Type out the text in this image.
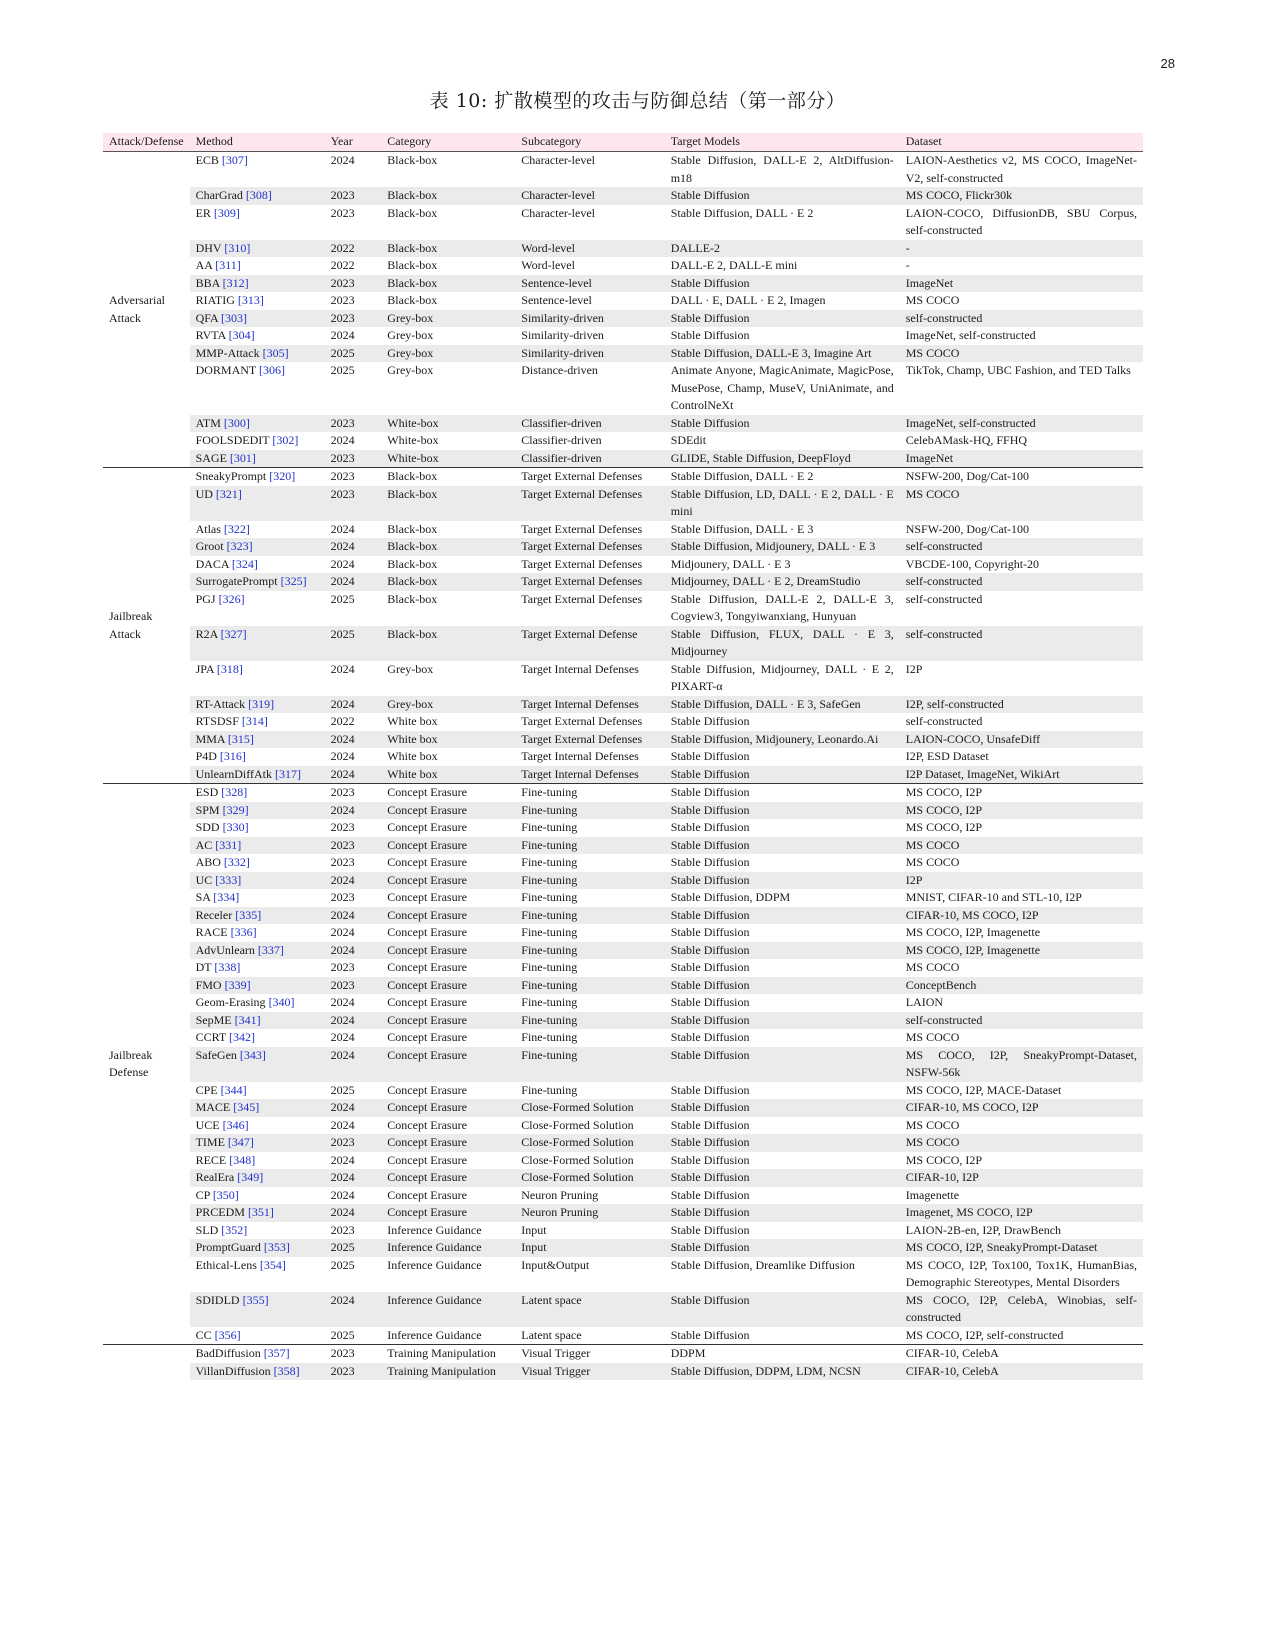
28
表 10: 扩散模型的攻击与防御总结（第一部分）
Attack/Defense	Method	Year	Category	Subcategory	Target Models	Dataset
Adversarial Attack	ECB [307]	2024	Black-box	Character-level	Stable Diffusion, DALL-E 2, AltDiffusion-m18	LAION-Aesthetics v2, MS COCO, ImageNet-V2, self-constructed
	CharGrad [308]	2023	Black-box	Character-level	Stable Diffusion	MS COCO, Flickr30k
	ER [309]	2023	Black-box	Character-level	Stable Diffusion, DALL · E 2	LAION-COCO, DiffusionDB, SBU Corpus, self-constructed
	DHV [310]	2022	Black-box	Word-level	DALLE-2	-
	AA [311]	2022	Black-box	Word-level	DALL-E 2, DALL-E mini	-
	BBA [312]	2023	Black-box	Sentence-level	Stable Diffusion	ImageNet
	RIATIG [313]	2023	Black-box	Sentence-level	DALL · E, DALL · E 2, Imagen	MS COCO
	QFA [303]	2023	Grey-box	Similarity-driven	Stable Diffusion	self-constructed
	RVTA [304]	2024	Grey-box	Similarity-driven	Stable Diffusion	ImageNet, self-constructed
	MMP-Attack [305]	2025	Grey-box	Similarity-driven	Stable Diffusion, DALL-E 3, Imagine Art	MS COCO
	DORMANT [306]	2025	Grey-box	Distance-driven	Animate Anyone, MagicAnimate, MagicPose, MusePose, Champ, MuseV, UniAnimate, and ControlNeXt	TikTok, Champ, UBC Fashion, and TED Talks
	ATM [300]	2023	White-box	Classifier-driven	Stable Diffusion	ImageNet, self-constructed
	FOOLSDEDIT [302]	2024	White-box	Classifier-driven	SDEdit	CelebAMask-HQ, FFHQ
	SAGE [301]	2023	White-box	Classifier-driven	GLIDE, Stable Diffusion, DeepFloyd	ImageNet
Jailbreak Attack	SneakyPrompt [320]	2023	Black-box	Target External Defenses	Stable Diffusion, DALL · E 2	NSFW-200, Dog/Cat-100
	UD [321]	2023	Black-box	Target External Defenses	Stable Diffusion, LD, DALL · E 2, DALL · E mini	MS COCO
	Atlas [322]	2024	Black-box	Target External Defenses	Stable Diffusion, DALL · E 3	NSFW-200, Dog/Cat-100
	Groot [323]	2024	Black-box	Target External Defenses	Stable Diffusion, Midjounery, DALL · E 3	self-constructed
	DACA [324]	2024	Black-box	Target External Defenses	Midjounery, DALL · E 3	VBCDE-100, Copyright-20
	SurrogatePrompt [325]	2024	Black-box	Target External Defenses	Midjourney, DALL · E 2, DreamStudio	self-constructed
	PGJ [326]	2025	Black-box	Target External Defenses	Stable Diffusion, DALL-E 2, DALL-E 3, Cogview3, Tongyiwanxiang, Hunyuan	self-constructed
	R2A [327]	2025	Black-box	Target External Defense	Stable Diffusion, FLUX, DALL · E 3, Midjourney	self-constructed
	JPA [318]	2024	Grey-box	Target Internal Defenses	Stable Diffusion, Midjourney, DALL · E 2, PIXART-α	I2P
	RT-Attack [319]	2024	Grey-box	Target Internal Defenses	Stable Diffusion, DALL · E 3, SafeGen	I2P, self-constructed
	RTSDSF [314]	2022	White box	Target External Defenses	Stable Diffusion	self-constructed
	MMA [315]	2024	White box	Target External Defenses	Stable Diffusion, Midjounery, Leonardo.Ai	LAION-COCO, UnsafeDiff
	P4D [316]	2024	White box	Target Internal Defenses	Stable Diffusion	I2P, ESD Dataset
	UnlearnDiffAtk [317]	2024	White box	Target Internal Defenses	Stable Diffusion	I2P Dataset, ImageNet, WikiArt
Jailbreak Defense	ESD [328]	2023	Concept Erasure	Fine-tuning	Stable Diffusion	MS COCO, I2P
	SPM [329]	2024	Concept Erasure	Fine-tuning	Stable Diffusion	MS COCO, I2P
	SDD [330]	2023	Concept Erasure	Fine-tuning	Stable Diffusion	MS COCO, I2P
	AC [331]	2023	Concept Erasure	Fine-tuning	Stable Diffusion	MS COCO
	ABO [332]	2023	Concept Erasure	Fine-tuning	Stable Diffusion	MS COCO
	UC [333]	2024	Concept Erasure	Fine-tuning	Stable Diffusion	I2P
	SA [334]	2023	Concept Erasure	Fine-tuning	Stable Diffusion, DDPM	MNIST, CIFAR-10 and STL-10, I2P
	Receler [335]	2024	Concept Erasure	Fine-tuning	Stable Diffusion	CIFAR-10, MS COCO, I2P
	RACE [336]	2024	Concept Erasure	Fine-tuning	Stable Diffusion	MS COCO, I2P, Imagenette
	AdvUnlearn [337]	2024	Concept Erasure	Fine-tuning	Stable Diffusion	MS COCO, I2P, Imagenette
	DT [338]	2023	Concept Erasure	Fine-tuning	Stable Diffusion	MS COCO
	FMO [339]	2023	Concept Erasure	Fine-tuning	Stable Diffusion	ConceptBench
	Geom-Erasing [340]	2024	Concept Erasure	Fine-tuning	Stable Diffusion	LAION
	SepME [341]	2024	Concept Erasure	Fine-tuning	Stable Diffusion	self-constructed
	CCRT [342]	2024	Concept Erasure	Fine-tuning	Stable Diffusion	MS COCO
	SafeGen [343]	2024	Concept Erasure	Fine-tuning	Stable Diffusion	MS COCO, I2P, SneakyPrompt-Dataset, NSFW-56k
	CPE [344]	2025	Concept Erasure	Fine-tuning	Stable Diffusion	MS COCO, I2P, MACE-Dataset
	MACE [345]	2024	Concept Erasure	Close-Formed Solution	Stable Diffusion	CIFAR-10, MS COCO, I2P
	UCE [346]	2024	Concept Erasure	Close-Formed Solution	Stable Diffusion	MS COCO
	TIME [347]	2023	Concept Erasure	Close-Formed Solution	Stable Diffusion	MS COCO
	RECE [348]	2024	Concept Erasure	Close-Formed Solution	Stable Diffusion	MS COCO, I2P
	RealEra [349]	2024	Concept Erasure	Close-Formed Solution	Stable Diffusion	CIFAR-10, I2P
	CP [350]	2024	Concept Erasure	Neuron Pruning	Stable Diffusion	Imagenette
	PRCEDM [351]	2024	Concept Erasure	Neuron Pruning	Stable Diffusion	Imagenet, MS COCO, I2P
	SLD [352]	2023	Inference Guidance	Input	Stable Diffusion	LAION-2B-en, I2P, DrawBench
	PromptGuard [353]	2025	Inference Guidance	Input	Stable Diffusion	MS COCO, I2P, SneakyPrompt-Dataset
	Ethical-Lens [354]	2025	Inference Guidance	Input&Output	Stable Diffusion, Dreamlike Diffusion	MS COCO, I2P, Tox100, Tox1K, HumanBias, Demographic Stereotypes, Mental Disorders
	SDIDLD [355]	2024	Inference Guidance	Latent space	Stable Diffusion	MS COCO, I2P, CelebA, Winobias, self-constructed
	CC [356]	2025	Inference Guidance	Latent space	Stable Diffusion	MS COCO, I2P, self-constructed
	BadDiffusion [357]	2023	Training Manipulation	Visual Trigger	DDPM	CIFAR-10, CelebA
	VillanDiffusion [358]	2023	Training Manipulation	Visual Trigger	Stable Diffusion, DDPM, LDM, NCSN	CIFAR-10, CelebA
